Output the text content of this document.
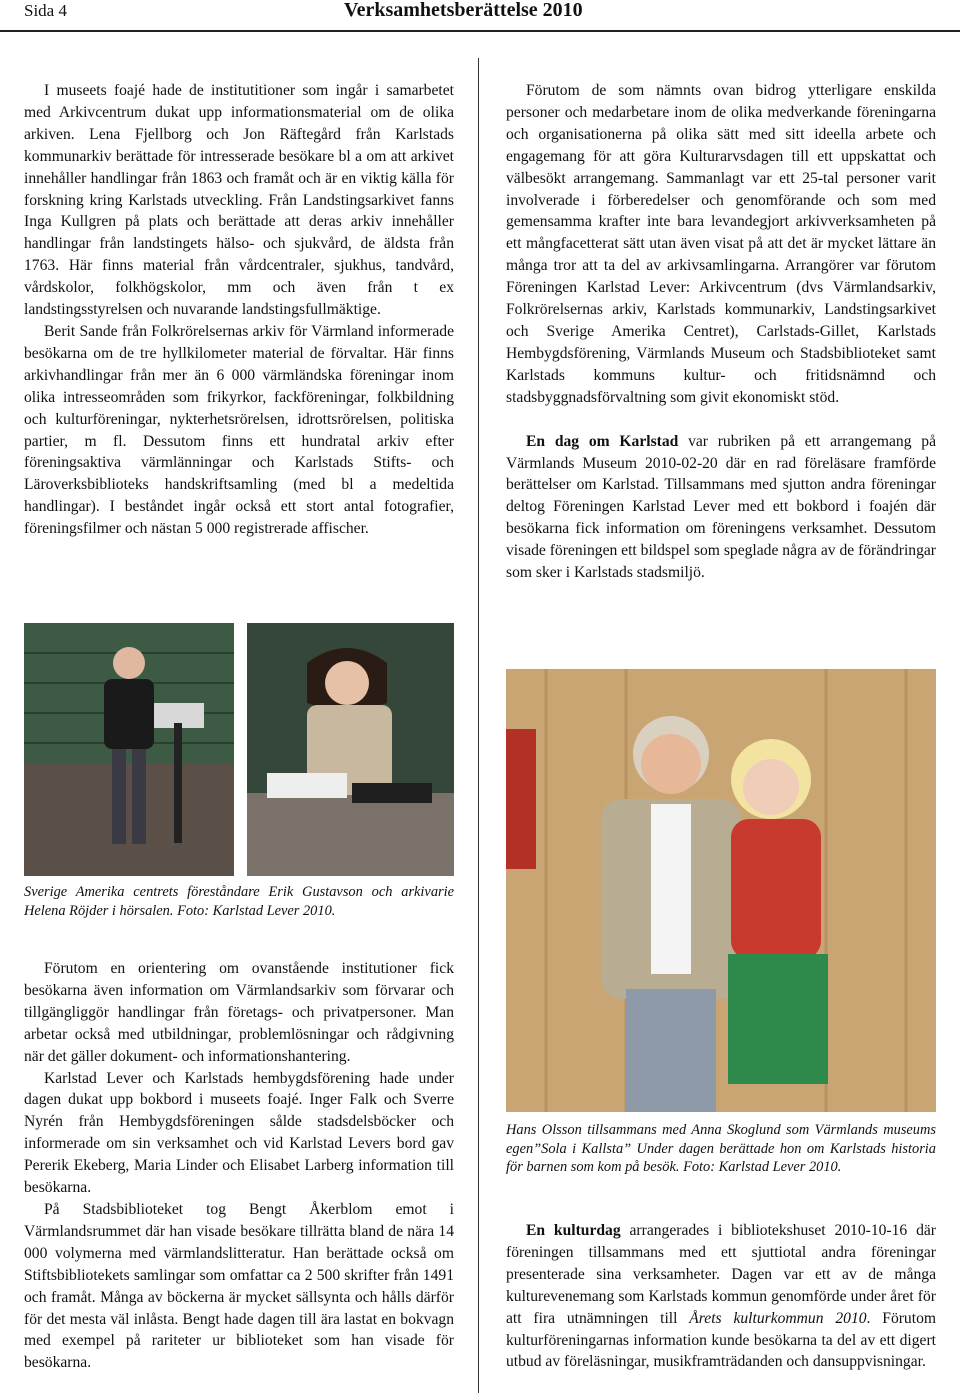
Sida 4	Verksamhetsberättelse 2010

I museets foajé hade de institutitioner som ingår i samarbetet med Arkivcentrum dukat upp informationsmaterial om de olika arkiven. Lena Fjellborg och Jon Räftegård från Karlstads kommunarkiv berättade för intresserade besökare bl a om att arkivet innehåller handlingar från 1863 och framåt och är en viktig källa för forskning kring Karlstads utveckling. Från Landstingsarkivet fanns Inga Kullgren på plats och berättade att deras arkiv innehåller handlingar från landstingets hälso- och sjukvård, de äldsta från 1763. Här finns material från vårdcentraler, sjukhus, tandvård, vårdskolor, folkhögskolor, mm och även från t ex landstingsstyrelsen och nuvarande landstingsfullmäktige.

Berit Sande från Folkrörelsernas arkiv för Värmland informerade besökarna om de tre hyllkilometer material de förvaltar. Här finns arkivhandlingar från mer än 6 000 värmländska föreningar inom olika intresseområden som frikyrkor, fackföreningar, folkbildning och kulturföreningar, nykterhetsrörelsen, idrottsrörelsen, politiska partier, m fl. Dessutom finns ett hundratal arkiv efter föreningsaktiva värmlänningar och Karlstads Stifts- och Läroverksbiblioteks handskriftsamling (med bl a medeltida handlingar). I beståndet ingår också ett stort antal fotografier, föreningsfilmer och nästan 5 000 registrerade affischer.

Sverige Amerika centrets föreståndare Erik Gustavson och arkivarie Helena Röjder i hörsalen. Foto: Karlstad Lever 2010.

Förutom en orientering om ovanstående institutioner fick besökarna även information om Värmlandsarkiv som förvarar och tillgängliggör handlingar från företags- och privatpersoner. Man arbetar också med utbildningar, problemlösningar och rådgivning när det gäller dokument- och informationshantering.

Karlstad Lever och Karlstads hembygdsförening hade under dagen dukat upp bokbord i museets foajé. Inger Falk och Sverre Nyrén från Hembygdsföreningen sålde stadsdelsböcker och informerade om sin verksamhet och vid Karlstad Levers bord gav Pererik Ekeberg, Maria Linder och Elisabet Larberg information till besökarna.

På Stadsbiblioteket tog Bengt Åkerblom emot i Värmlandsrummet där han visade besökare tillrätta bland de nära 14 000 volymerna med värmlandslitteratur. Han berättade också om Stiftsbibliotekets samlingar som omfattar ca 2 500 skrifter från 1491 och framåt. Många av böckerna är mycket sällsynta och hålls därför för det mesta väl inlåsta. Bengt hade dagen till ära lastat en bokvagn med exempel på rariteter ur biblioteket som han visade för besökarna.

Förutom de som nämnts ovan bidrog ytterligare enskilda personer och medarbetare inom de olika medverkande föreningarna och organisationerna på olika sätt med sitt ideella arbete och engagemang för att göra Kulturarvsdagen till ett uppskattat och välbesökt arrangemang. Sammanlagt var ett 25-tal personer varit involverade i förberedelser och genomförande och som med gemensamma krafter inte bara levandegjort arkivverksamheten på ett mångfacetterat sätt utan även visat på att det är mycket lättare än många tror att ta del av arkivsamlingarna. Arrangörer var förutom Föreningen Karlstad Lever: Arkivcentrum (dvs Värmlandsarkiv, Folkrörelsernas arkiv, Karlstads kommunarkiv, Landstingsarkivet och Sverige Amerika Centret), Carlstads-Gillet, Karlstads Hembygdsförening, Värmlands Museum och Stadsbiblioteket samt Karlstads kommuns kultur- och fritidsnämnd och stadsbyggnadsförvaltning som givit ekonomiskt stöd.

En dag om Karlstad var rubriken på ett arrangemang på Värmlands Museum 2010-02-20 där en rad föreläsare framförde berättelser om Karlstad. Tillsammans med sjutton andra föreningar deltog Föreningen Karlstad Lever med ett bokbord i foajén där besökarna fick information om föreningens verksamhet. Dessutom visade föreningen ett bildspel som speglade några av de förändringar som sker i Karlstads stadsmiljö.

Hans Olsson tillsammans med Anna Skoglund som Värmlands museums egen”Sola i Kallsta” Under dagen berättade hon om Karlstads historia för barnen som kom på besök. Foto: Karlstad Lever 2010.

En kulturdag arrangerades i bibliotekshuset 2010-10-16 där föreningen tillsammans med ett sjuttiotal andra föreningar presenterade sina verksamheter. Dagen var ett av de många kulturevenemang som Karlstads kommun genomförde under året för att fira utnämningen till Årets kulturkommun 2010. Förutom kulturföreningarnas information kunde besökarna ta del av ett digert utbud av föreläsningar, musikframträdanden och dansuppvisningar.
